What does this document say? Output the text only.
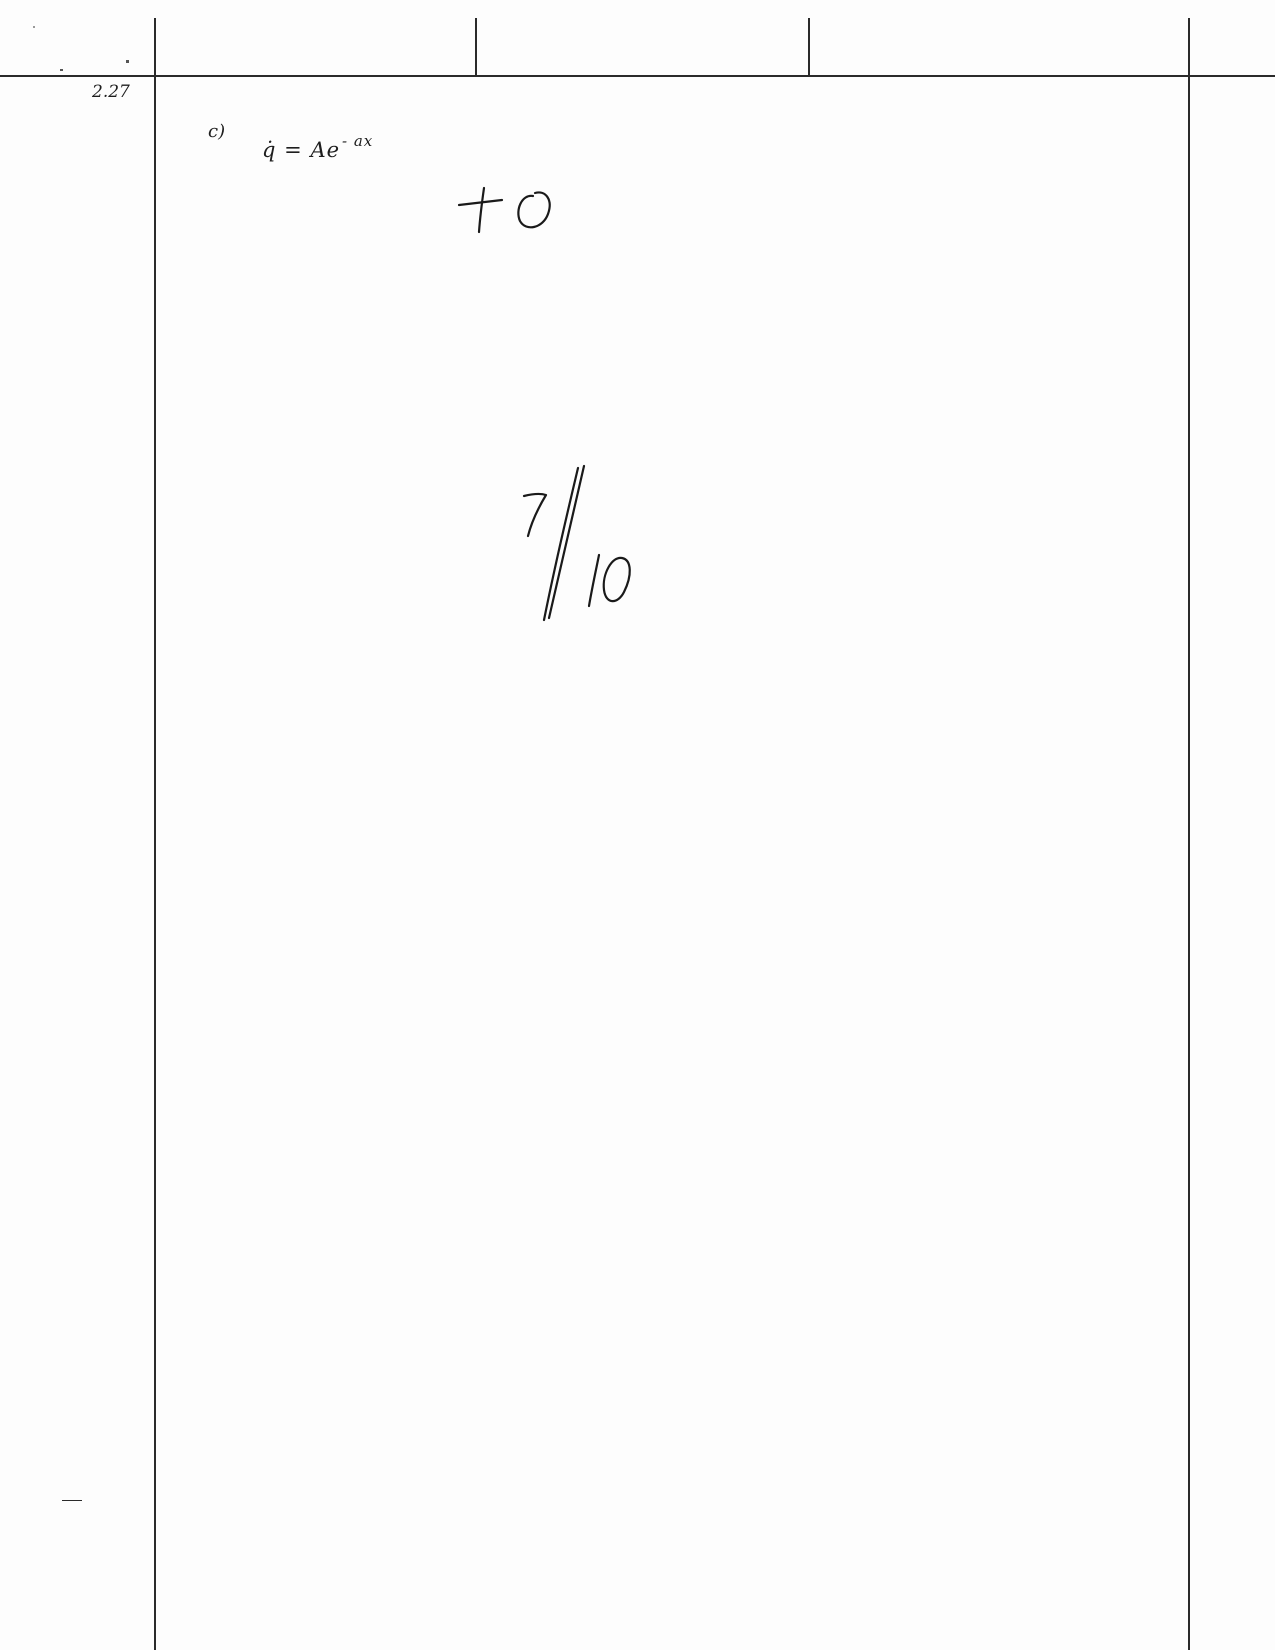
2.27
c)
q̇ = Ae $^{- ax}$
